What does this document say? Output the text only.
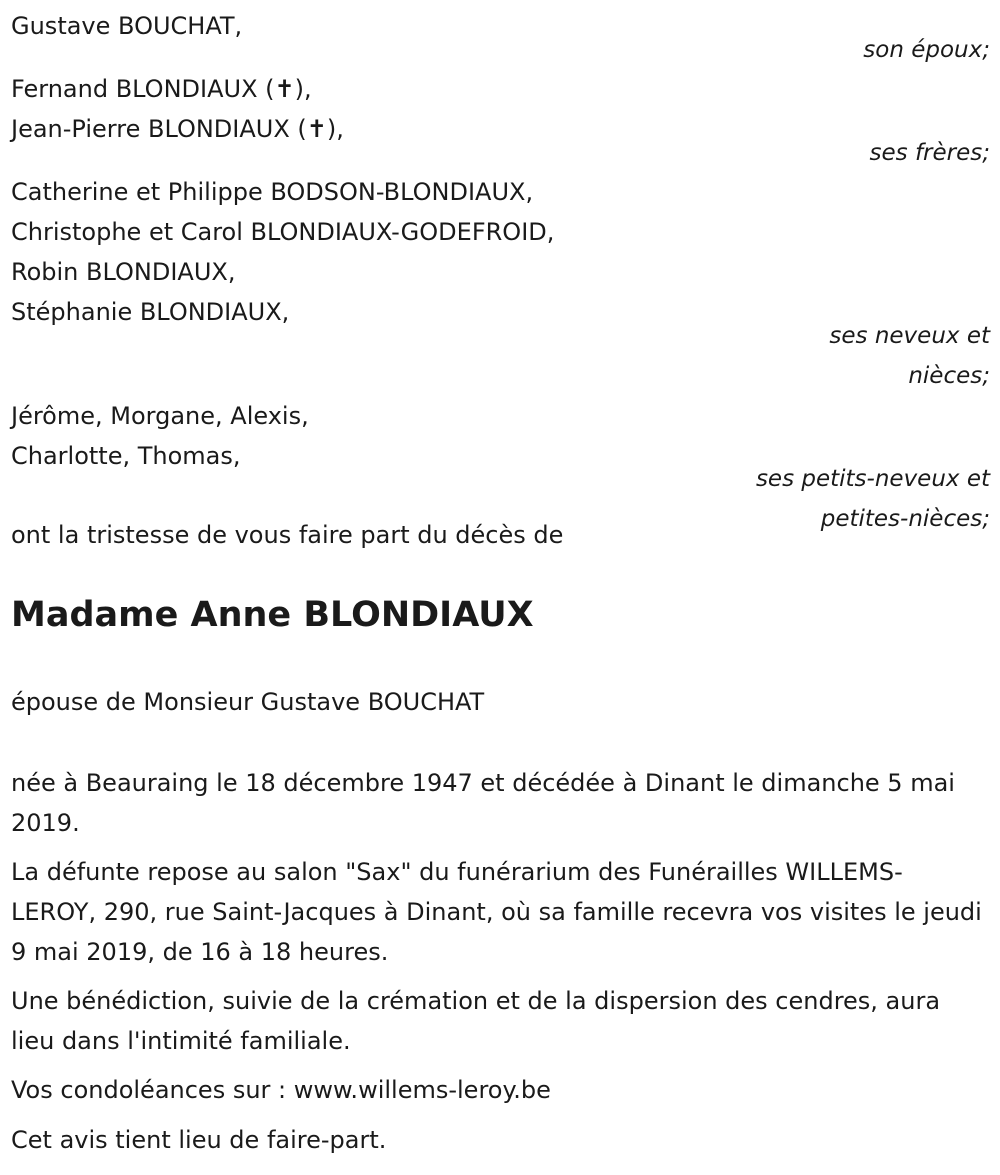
Gustave BOUCHAT,
son époux;
Fernand BLONDIAUX (✝),
Jean-Pierre BLONDIAUX (✝),
ses frères;
Catherine et Philippe BODSON-BLONDIAUX,
Christophe et Carol BLONDIAUX-GODEFROID,
Robin BLONDIAUX,
Stéphanie BLONDIAUX,
ses neveux et
nièces;
Jérôme, Morgane, Alexis,
Charlotte, Thomas,
ses petits-neveux et
petites-nièces;
ont la tristesse de vous faire part du décès de
Madame Anne BLONDIAUX
épouse de Monsieur Gustave BOUCHAT
née à Beauraing le 18 décembre 1947 et décédée à Dinant le dimanche 5 mai 2019.
La défunte repose au salon "Sax" du funérarium des Funérailles WILLEMS-LEROY, 290, rue Saint-Jacques à Dinant, où sa famille recevra vos visites le jeudi 9 mai 2019, de 16 à 18 heures.
Une bénédiction, suivie de la crémation et de la dispersion des cendres, aura lieu dans l'intimité familiale.
Vos condoléances sur : www.willems-leroy.be
Cet avis tient lieu de faire-part.
